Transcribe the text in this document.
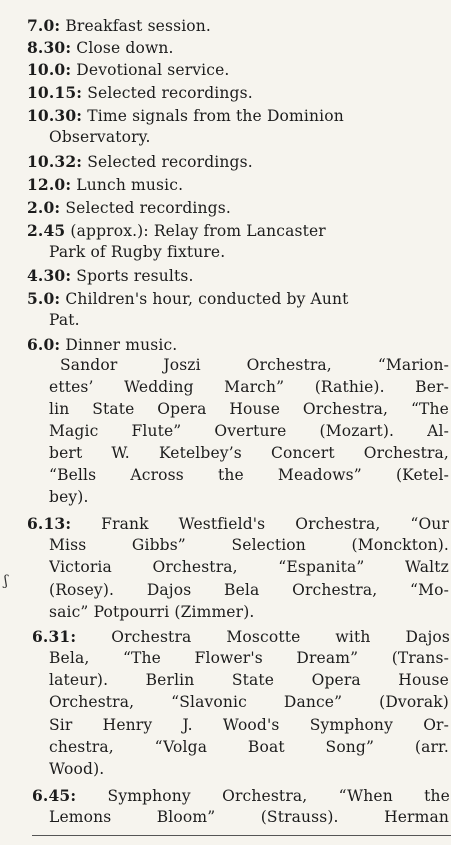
7.0: Breakfast session.
8.30: Close down.
10.0: Devotional service.
10.15: Selected recordings.
10.30: Time signals from the Dominion
Observatory.
10.32: Selected recordings.
12.0: Lunch music.
2.0: Selected recordings.
2.45 (approx.): Relay from Lancaster
Park of Rugby fixture.
4.30: Sports results.
5.0: Children's hour, conducted by Aunt
Pat.
6.0: Dinner music.
Sandor Joszi Orchestra, “Marion-
ettes’ Wedding March” (Rathie). Ber-
lin State Opera House Orchestra, “The
Magic Flute” Overture (Mozart). Al-
bert W. Ketelbey’s Concert Orchestra,
“Bells Across the Meadows” (Ketel-
bey).
6.13: Frank Westfield's Orchestra, “Our
Miss Gibbs” Selection (Monckton).
Victoria Orchestra, “Espanita” Waltz
(Rosey). Dajos Bela Orchestra, “Mo-
saic” Potpourri (Zimmer).
6.31: Orchestra Moscotte with Dajos
Bela, “The Flower's Dream” (Trans-
lateur). Berlin State Opera House
Orchestra, “Slavonic Dance” (Dvorak)
Sir Henry J. Wood's Symphony Or-
chestra, “Volga Boat Song” (arr.
Wood).
6.45: Symphony Orchestra, “When the
Lemons Bloom” (Strauss). Herman
ʃ
